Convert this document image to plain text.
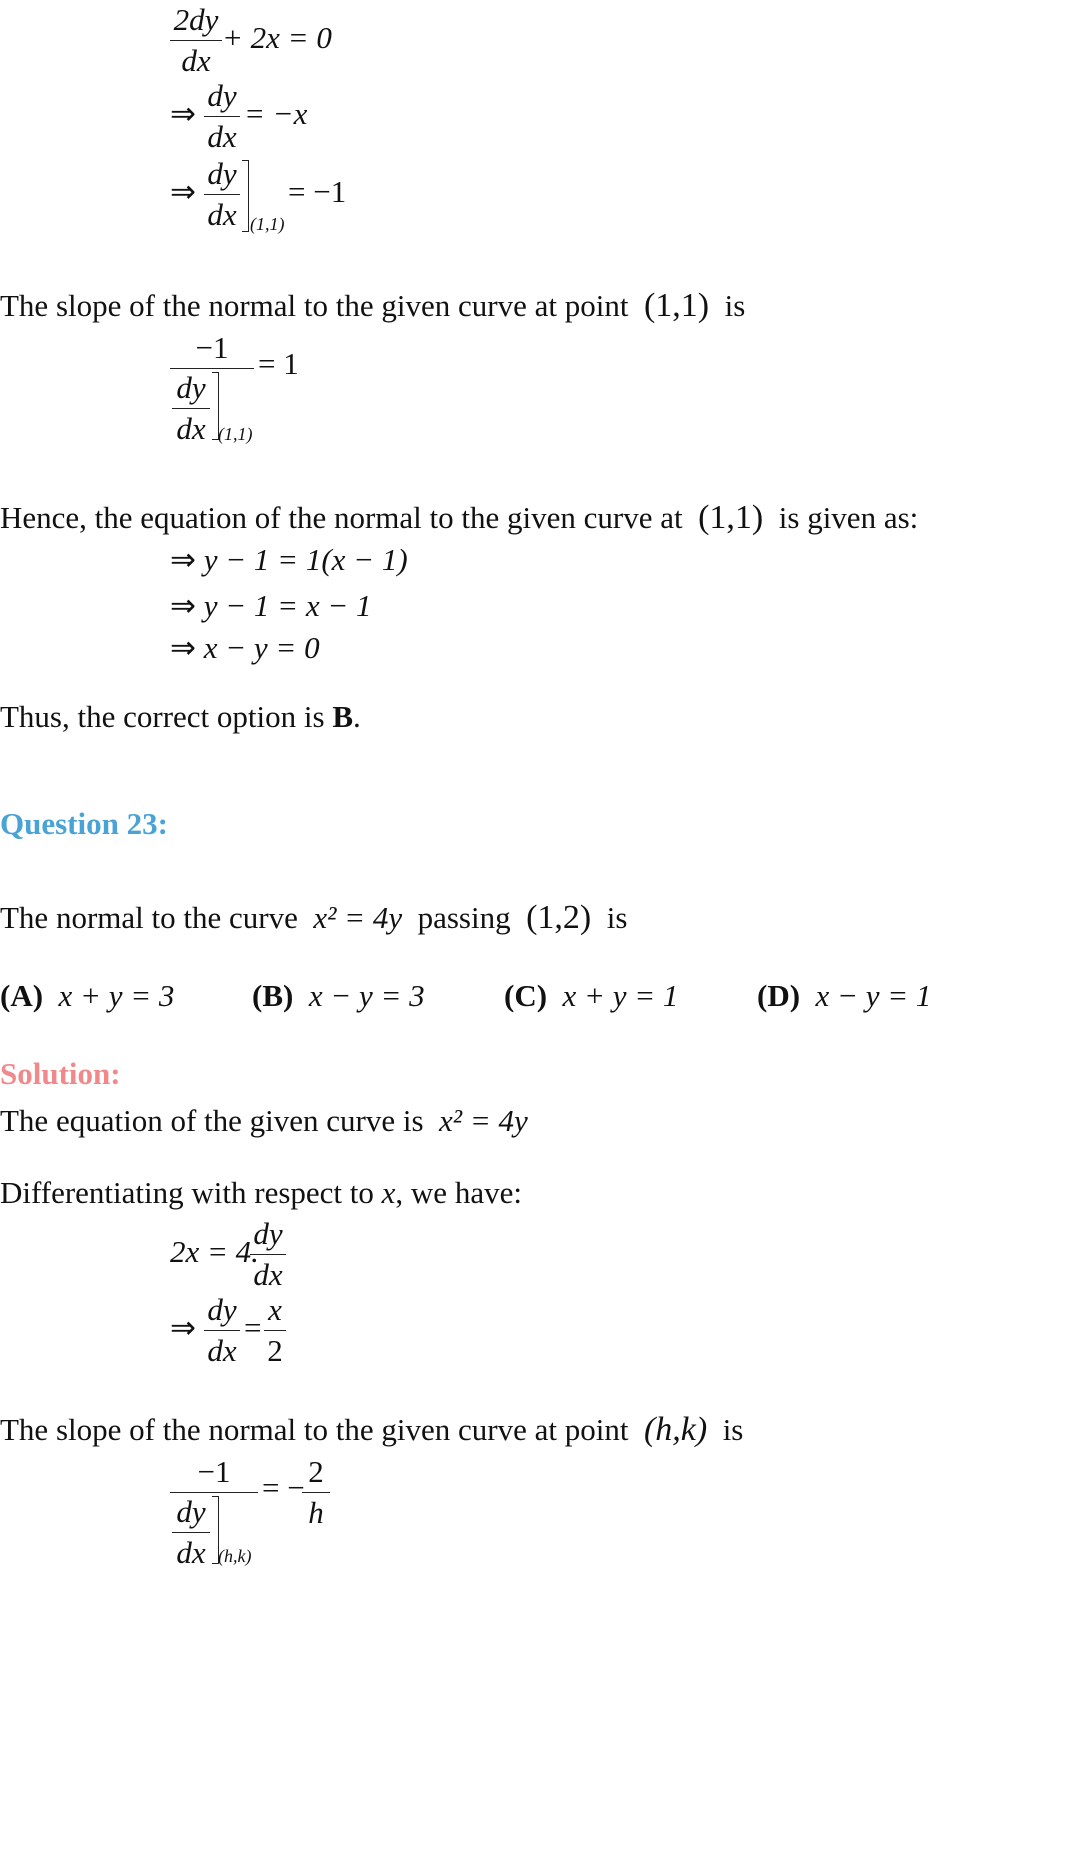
2dy
dx
+ 2x = 0
⇒
dy
dx
= −x
⇒
dy
dx (1,1)
= −1
The slope of the normal to the given curve at point (1,1) is
−1
dy
dx (1,1)
= 1
Hence, the equation of the normal to the given curve at (1,1) is given as:
⇒ y − 1 = 1(x − 1)
⇒ y − 1 = x − 1
⇒ x − y = 0
Thus, the correct option is B.
Question 23:
The normal to the curve x² = 4y passing (1,2) is
(A) x + y = 3	(B) x − y = 3	(C) x + y = 1	(D) x − y = 1
Solution:
The equation of the given curve is x² = 4y
Differentiating with respect to x, we have:
2x = 4.
dy
dx
⇒
dy
dx
=
x
2
The slope of the normal to the given curve at point (h,k) is
−1
dy
dx (h,k)
= − 2
h
